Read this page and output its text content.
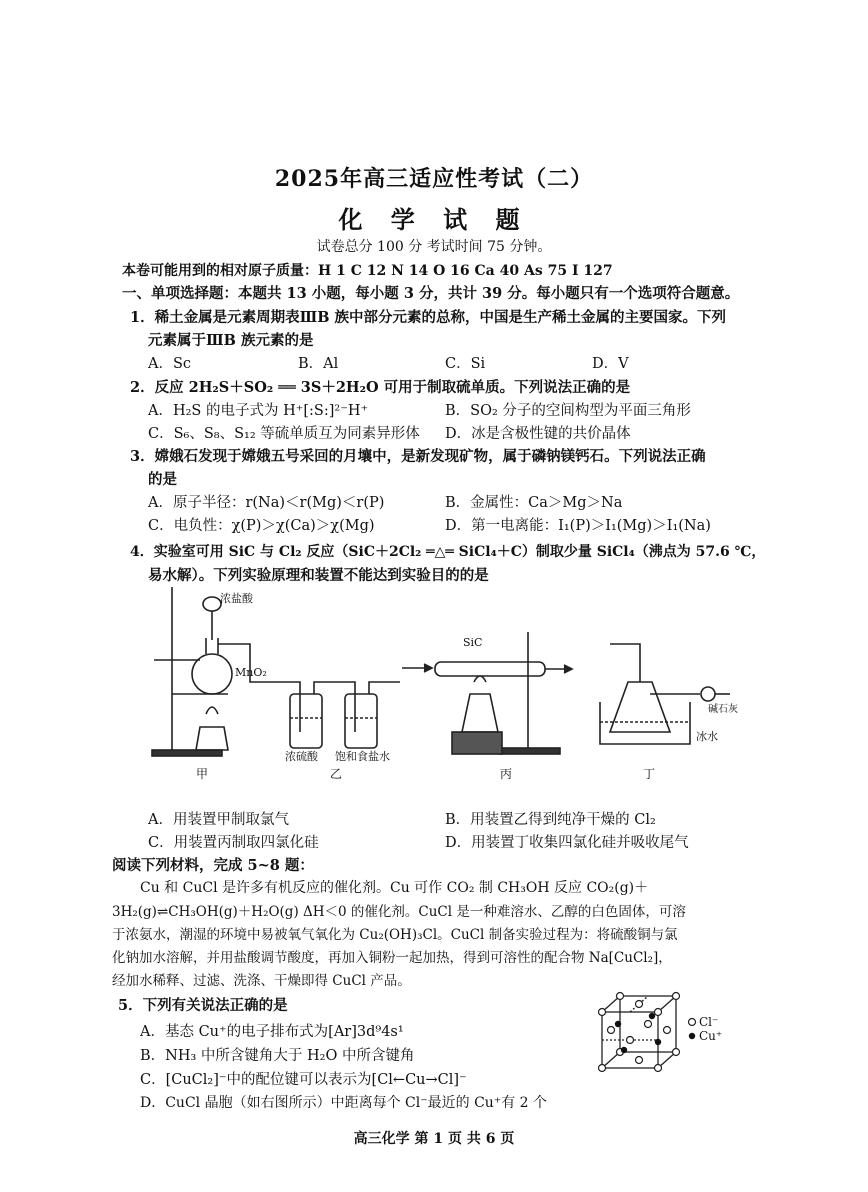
2025年高三适应性考试（二）
化 学 试 题
试卷总分 100 分 考试时间 75 分钟。
本卷可能用到的相对原子质量：H 1 C 12 N 14 O 16 Ca 40 As 75 I 127
一、单项选择题：本题共 13 小题，每小题 3 分，共计 39 分。每小题只有一个选项符合题意。
1．稀土金属是元素周期表ⅢB 族中部分元素的总称，中国是生产稀土金属的主要国家。下列
元素属于ⅢB 族元素的是
A．Sc	B．Al	C．Si	D．V
2．反应 2H₂S＋SO₂ ══ 3S＋2H₂O 可用于制取硫单质。下列说法正确的是
A．H₂S 的电子式为 H⁺[:S:]²⁻H⁺	B．SO₂ 分子的空间构型为平面三角形
C．S₆、S₈、S₁₂ 等硫单质互为同素异形体 D．冰是含极性键的共价晶体
3．嫦娥石发现于嫦娥五号采回的月壤中，是新发现矿物，属于磷钠镁钙石。下列说法正确
的是
A．原子半径：r(Na)＜r(Mg)＜r(P)	B．金属性：Ca＞Mg＞Na
C．电负性：χ(P)＞χ(Ca)＞χ(Mg)	D．第一电离能：I₁(P)＞I₁(Mg)＞I₁(Na)
4．实验室可用 SiC 与 Cl₂ 反应（SiC＋2Cl₂ ═△═ SiCl₄＋C）制取少量 SiCl₄（沸点为 57.6 ℃，
易水解）。下列实验原理和装置不能达到实验目的的是
浓盐酸
MnO₂
浓硫酸 饱和食盐水
SiC
碱石灰
冰水
甲	乙	丙	丁
A．用装置甲制取氯气	B．用装置乙得到纯净干燥的 Cl₂
C．用装置丙制取四氯化硅	D．用装置丁收集四氯化硅并吸收尾气
阅读下列材料，完成 5~8 题：
Cu 和 CuCl 是许多有机反应的催化剂。Cu 可作 CO₂ 制 CH₃OH 反应 CO₂(g)＋
3H₂(g)⇌CH₃OH(g)＋H₂O(g) ΔH＜0 的催化剂。CuCl 是一种难溶水、乙醇的白色固体，可溶
于浓氨水，潮湿的环境中易被氧气氧化为 Cu₂(OH)₃Cl。CuCl 制备实验过程为：将硫酸铜与氯
化钠加水溶解，并用盐酸调节酸度，再加入铜粉一起加热，得到可溶性的配合物 Na[CuCl₂]，
经加水稀释、过滤、洗涤、干燥即得 CuCl 产品。
5．下列有关说法正确的是
A．基态 Cu⁺的电子排布式为[Ar]3d⁹4s¹
B．NH₃ 中所含键角大于 H₂O 中所含键角
C．[CuCl₂]⁻中的配位键可以表示为[Cl←Cu→Cl]⁻
D．CuCl 晶胞（如右图所示）中距离每个 Cl⁻最近的 Cu⁺有 2 个
Cl⁻
Cu⁺
高三化学 第 1 页 共 6 页
